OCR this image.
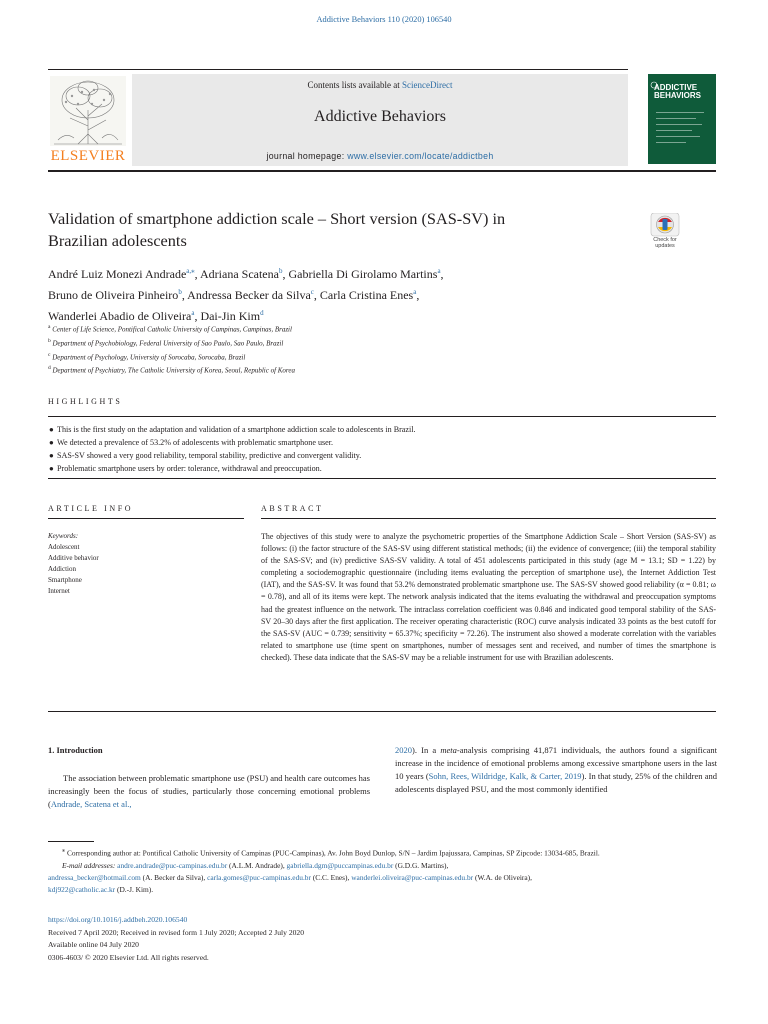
Addictive Behaviors 110 (2020) 106540
ELSEVIER
Contents lists available at ScienceDirect
Addictive Behaviors
journal homepage: www.elsevier.com/locate/addictbeh
ADDICTIVE
BEHAVIORS
Validation of smartphone addiction scale – Short version (SAS-SV) in
Brazilian adolescents	Check for
updates
André Luiz Monezi Andrade$^{a,⁎}$, Adriana Scatena$^b$, Gabriella Di Girolamo Martins$^a$,
Bruno de Oliveira Pinheiro$^b$, Andressa Becker da Silva$^c$, Carla Cristina Enes$^a$,
Wanderlei Abadio de Oliveira$^a$, Dai-Jin Kim$^d$
$^a$ Center of Life Science, Pontifical Catholic University of Campinas, Campinas, Brazil
$^b$ Department of Psychobiology, Federal University of Sao Paulo, Sao Paulo, Brazil
$^c$ Department of Psychology, University of Sorocaba, Sorocaba, Brazil
$^d$ Department of Psychiatry, The Catholic University of Korea, Seoul, Republic of Korea
HIGHLIGHTS
● This is the first study on the adaptation and validation of a smartphone addiction scale to adolescents in Brazil.
● We detected a prevalence of 53.2% of adolescents with problematic smartphone user.
● SAS-SV showed a very good reliability, temporal stability, predictive and convergent validity.
● Problematic smartphone users by order: tolerance, withdrawal and preoccupation.
ARTICLE INFO
Keywords:
Adolescent
Additive behavior
Addiction
Smartphone
Internet
ABSTRACT

The objectives of this study were to analyze the psychometric properties of the Smartphone Addiction Scale – Short Version (SAS-SV) as follows: (i) the factor structure of the SAS-SV using different statistical methods; (ii) the evidence of convergence; (iii) the temporal stability of the SAS-SV; and (iv) predictive SAS-SV validity. A total of 451 adolescents participated in this study (age M = 13.1; SD = 1.22) by completing a sociodemographic questionnaire (including items evaluating the perception of smartphone use), the Internet Addiction Test (IAT), and the SAS-SV. It was found that 53.2% demonstrated problematic smartphone use. The SAS-SV showed good reliability (α = 0.81; ω = 0.78), and all of its items were kept. The network analysis indicated that the items evaluating the withdrawal and preoccupation symptoms had the greatest influence on the network. The intraclass correlation coefficient was 0.846 and indicated good temporal stability of the SAS-SV 20–30 days after the first application. The receiver operating characteristic (ROC) curve analysis indicated 33 points as the best cutoff for the SAS-SV (AUC = 0.739; sensitivity = 65.37%; specificity = 72.26). The instrument also showed a moderate correlation with the variables related to smartphone use (time spent on smartphones, number of messages sent and received, and number of times the smartphone is checked). These data indicate that the SAS-SV may be a reliable instrument for use with Brazilian adolescents.

1. Introduction

The association between problematic smartphone use (PSU) and health care outcomes has increasingly been the focus of studies, particularly those concerning emotional problems (Andrade, Scatena et al.,

2020). In a meta-analysis comprising 41,871 individuals, the authors found a significant increase in the incidence of emotional problems among excessive smartphone users in the last 10 years (Sohn, Rees, Wildridge, Kalk, & Carter, 2019). In that study, 25% of the children and adolescents displayed PSU, and the most commonly identified

⁎ Corresponding author at: Pontifical Catholic University of Campinas (PUC-Campinas), Av. John Boyd Dunlop, S/N – Jardim Ipajussara, Campinas, SP Zipcode: 13034-685, Brazil.

E-mail addresses: andre.andrade@puc-campinas.edu.br (A.L.M. Andrade), gabriella.dgm@puccampinas.edu.br (G.D.G. Martins),
andressa_becker@hotmail.com (A. Becker da Silva), carla.gomes@puc-campinas.edu.br (C.C. Enes), wanderlei.oliveira@puc-campinas.edu.br (W.A. de Oliveira),
kdj922@catholic.ac.kr (D.-J. Kim).

https://doi.org/10.1016/j.addbeh.2020.106540

Received 7 April 2020; Received in revised form 1 July 2020; Accepted 2 July 2020

Available online 04 July 2020

0306-4603/ © 2020 Elsevier Ltd. All rights reserved.
